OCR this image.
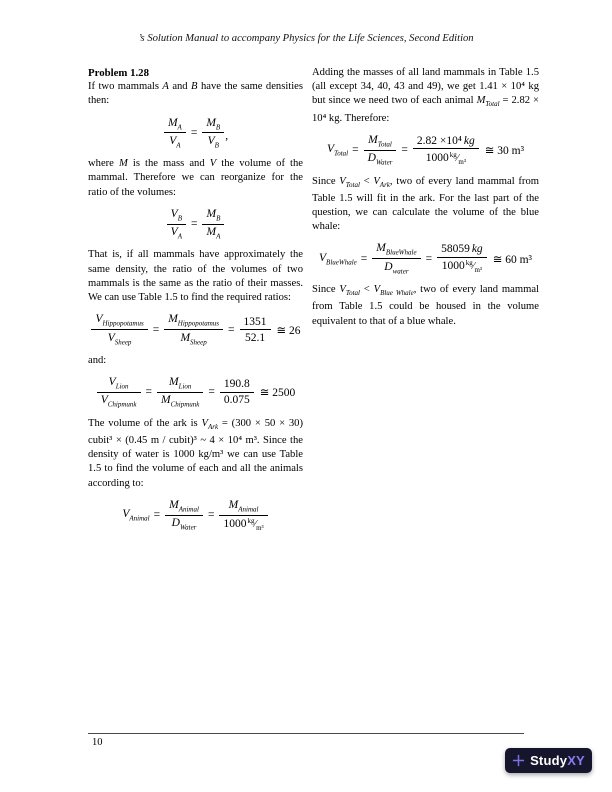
’s Solution Manual to accompany Physics for the Life Sciences, Second Edition

Problem 1.28

If two mammals A and B have the same densities then:

$\frac{M_A}{V_A} = \frac{M_B}{V_B}$ ,

where M is the mass and V the volume of the mammal. Therefore we can reorganize for the ratio of the volumes:

$\frac{V_B}{V_A} = \frac{M_B}{M_A}$

That is, if all mammals have approximately the same density, the ratio of the volumes of two mammals is the same as the ratio of their masses. We can use Table 1.5 to find the required ratios:

$\frac{V_{Hippopotamus}}{V_{Sheep}} = \frac{M_{Hippopotamus}}{M_{Sheep}} = \frac{1351}{52.1}$ ≅ 26

and:

$\frac{V_{Lion}}{V_{Chipmunk}} = \frac{M_{Lion}}{M_{Chipmunk}} = \frac{190.8}{0.075}$ ≅ 2500

The volume of the ark is $V_{Ark} = (300 \times 50 \times 30)$ cubit³ × (0.45 m / cubit)³ ~ 4 × 10⁴ m³. Since the density of water is 1000 kg/m³ we can use Table 1.5 to find the volume of each and all the animals according to:

$V_{Animal} = \frac{M_{Animal}}{D_{Water}} = \frac{M_{Animal}}{1000^{kg}⁄_{m^3}}$

Adding the masses of all land mammals in Table 1.5 (all except 34, 40, 43 and 49), we get 1.41 × 10⁴ kg but since we need two of each animal $M_{Total} = 2.82 \times 10^4$ kg. Therefore:

$V_{Total} = \frac{M_{Total}}{D_{Water}} = \frac{\text{2.82 ×10⁴ kg}}{1000^{kg}⁄_{m^3}}$ ≅ 30 m³

Since $V_{Total} < V_{Ark}$, two of every land mammal from Table 1.5 will fit in the ark. For the last part of the question, we can calculate the volume of the blue whale:

$V_{BlueWhale} = \frac{M_{BlueWhale}}{D_{water}} = \frac{58059 kg}{1000^{kg}⁄_{m^3}}$ ≅ 60 m³

Since $V_{Total} < V_{Blue Whale}$, two of every land mammal from Table 1.5 could be housed in the volume equivalent to that of a blue whale.

10
StudyXY
